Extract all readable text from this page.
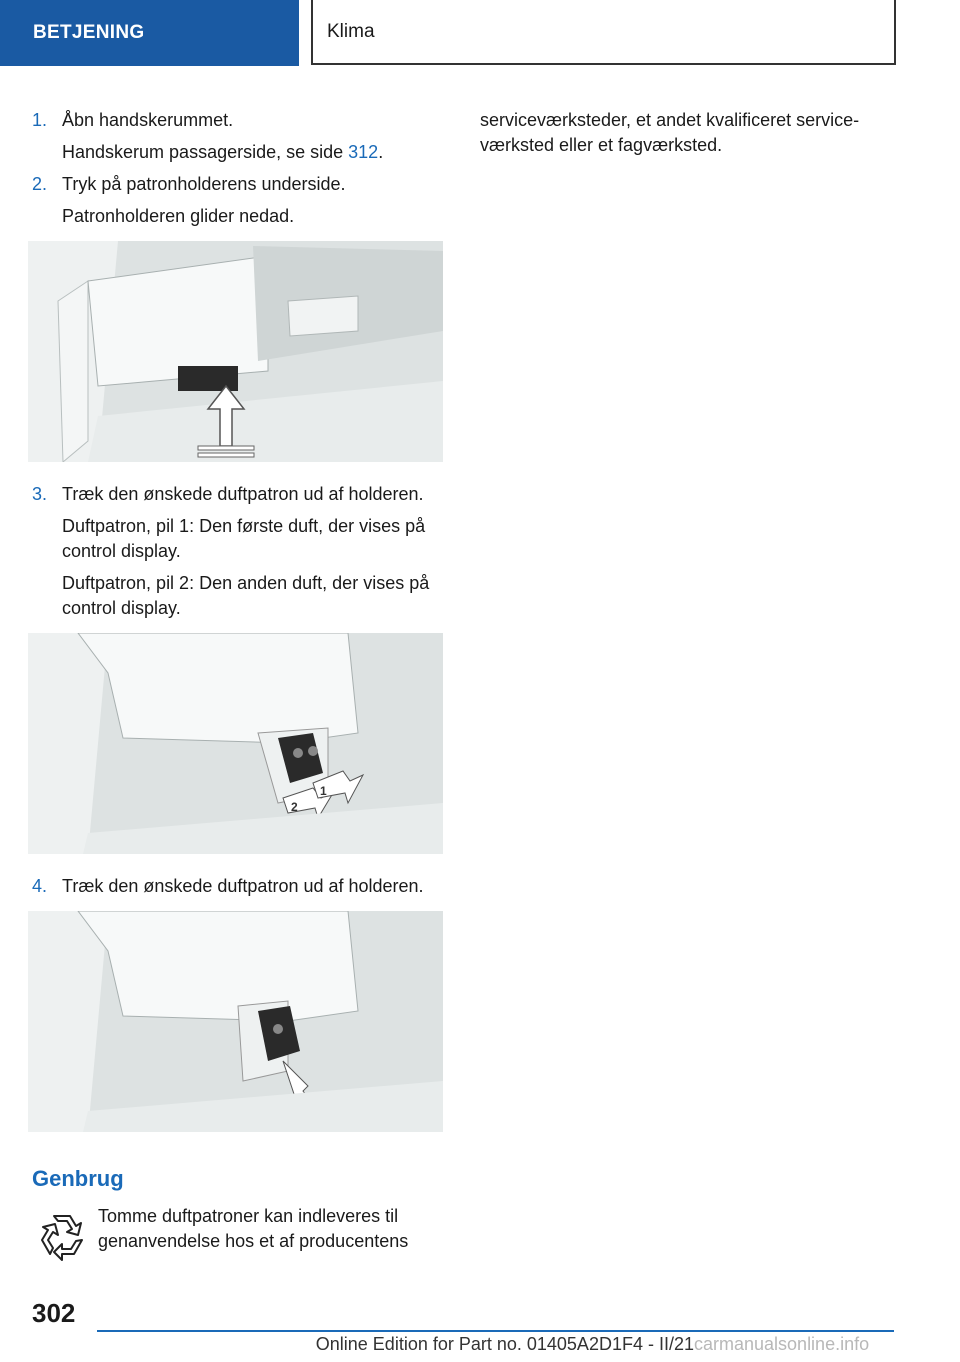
BETJENING	Klima
1. Åbn handskerummet.

Handskerum passagerside, se side 312.

2. Tryk på patronholderens underside.

Patronholderen glider nedad.

3. Træk den ønskede duftpatron ud af holderen.

Duftpatron, pil 1: Den første duft, der vises på control display.

Duftpatron, pil 2: Den anden duft, der vises på control display.

2
1
4. Træk den ønskede duftpatron ud af holderen.

Genbrug

Tomme duftpatroner kan indleveres til genanvendelse hos et af producentens

serviceværksteder, et andet kvalificeret serviceværksted eller et fagværksted.

302
Online Edition for Part no. 01405A2D1F4 - II/21 carmanualsonline.info
